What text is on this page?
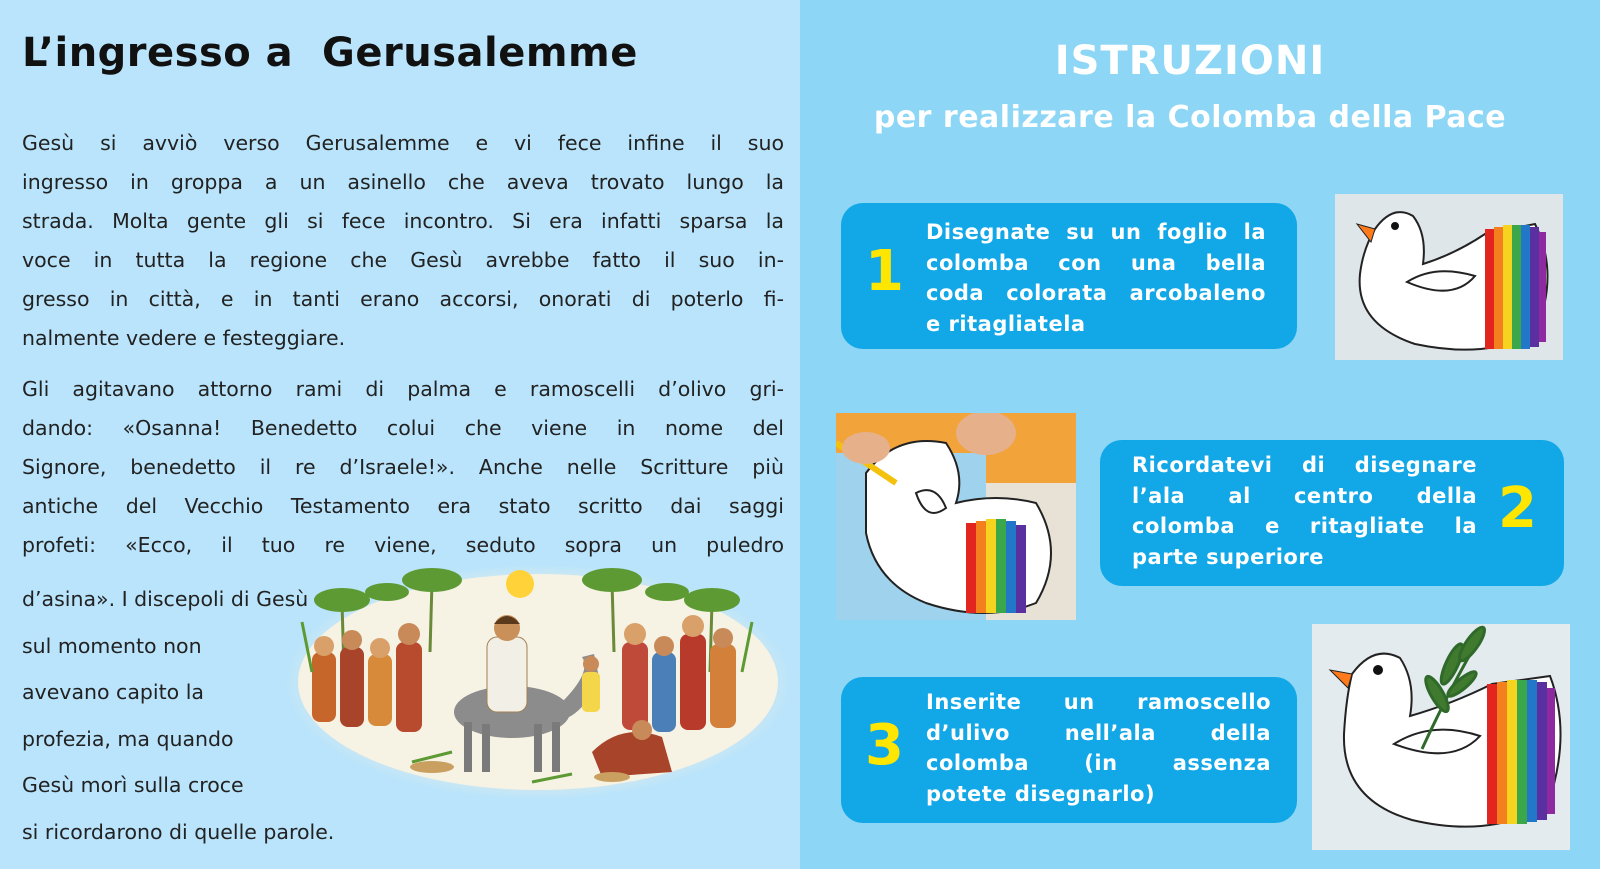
L’ingresso a  Gerusalemme
Gesù si avviò verso Gerusalemme e vi fece infine il suo
ingresso in groppa a un asinello che aveva trovato lungo la
strada. Molta gente gli si fece incontro. Si era infatti sparsa la
voce in tutta la regione che Gesù avrebbe fatto il suo in-
gresso in città, e in tanti erano accorsi, onorati di poterlo fi-
nalmente vedere e festeggiare.
Gli agitavano attorno rami di palma e ramoscelli d’olivo gri-
dando: «Osanna! Benedetto colui che viene in nome del
Signore, benedetto il re d’Israele!». Anche nelle Scritture più
antiche del Vecchio Testamento era stato scritto dai saggi
profeti: «Ecco, il tuo re viene, seduto sopra un puledro
d’asina». I discepoli di Gesù
sul momento non
avevano capito la
profezia, ma quando
Gesù morì sulla croce
si ricordarono di quelle parole.
ISTRUZIONI
per realizzare la Colomba della Pace
1
Disegnate su un foglio la
colomba con una bella
coda colorata arcobaleno
e ritagliatela
2
Ricordatevi di disegnare
l’ala al centro della
colomba e ritagliate la
parte superiore
3
Inserite un ramoscello
d’ulivo nell’ala della
colomba (in assenza
potete disegnarlo)
